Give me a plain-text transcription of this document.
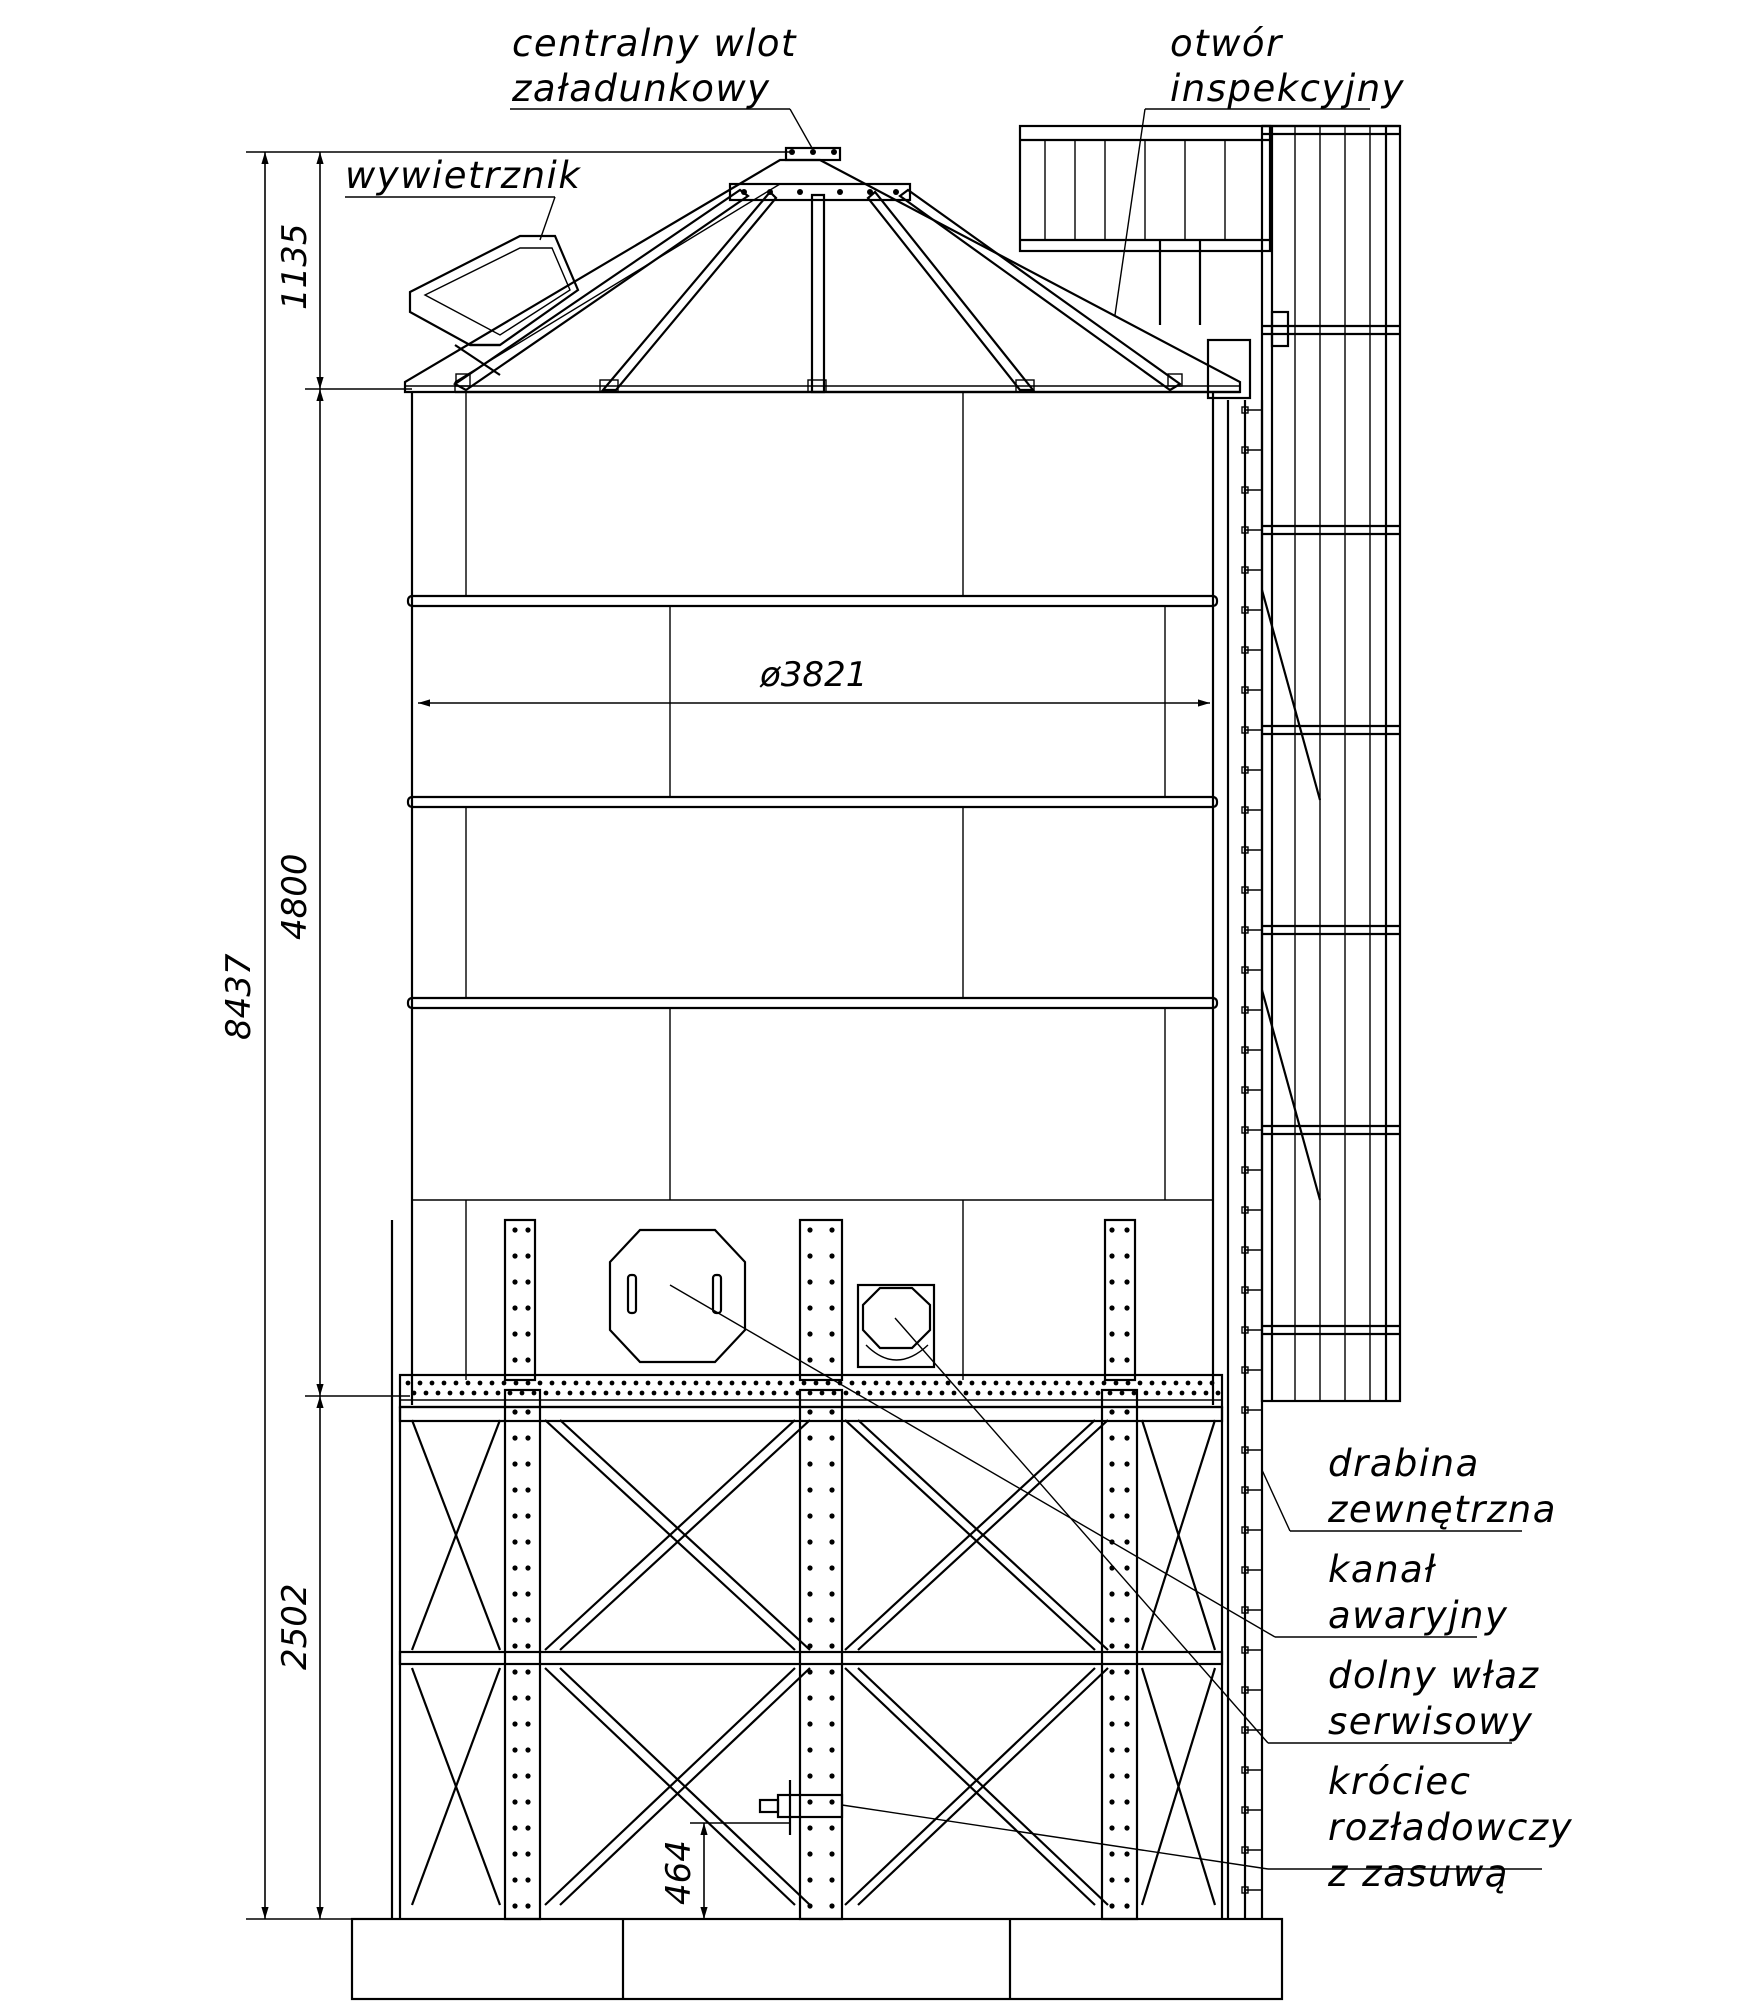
8437
1135
4800
2502
464
ø3821
centralny wlot
załadunkowy
otwór
inspekcyjny
wywietrznik
drabina
zewnętrzna
kanał
awaryjny
dolny właz
serwisowy
króciec
rozładowczy
z zasuwą
